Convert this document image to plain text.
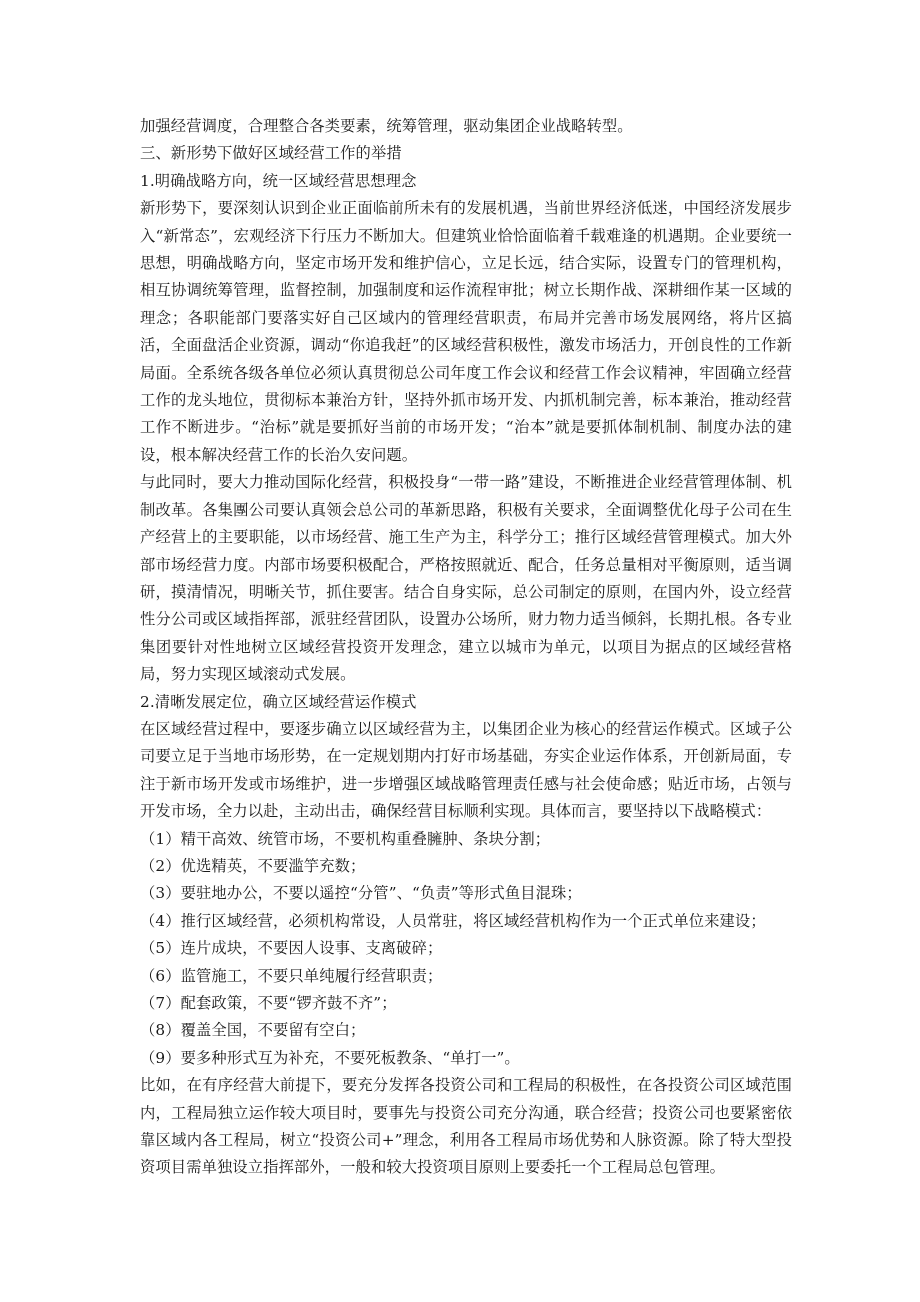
加强经营调度，合理整合各类要素，统筹管理，驱动集团企业战略转型。

三、新形势下做好区域经营工作的举措

1.明确战略方向，统一区域经营思想理念

新形势下，要深刻认识到企业正面临前所未有的发展机遇，当前世界经济低迷，中国经济发展步入“新常态”，宏观经济下行压力不断加大。但建筑业恰恰面临着千载难逢的机遇期。企业要统一思想，明确战略方向，坚定市场开发和维护信心，立足长远，结合实际，设置专门的管理机构，相互协调统筹管理，监督控制，加强制度和运作流程审批；树立长期作战、深耕细作某一区域的理念；各职能部门要落实好自己区域内的管理经营职责，布局并完善市场发展网络，将片区搞活，全面盘活企业资源，调动“你追我赶”的区域经营积极性，激发市场活力，开创良性的工作新局面。全系统各级各单位必须认真贯彻总公司年度工作会议和经营工作会议精神，牢固确立经营工作的龙头地位，贯彻标本兼治方针，坚持外抓市场开发、内抓机制完善，标本兼治，推动经营工作不断进步。“治标”就是要抓好当前的市场开发；“治本”就是要抓体制机制、制度办法的建设，根本解决经营工作的长治久安问题。

与此同时，要大力推动国际化经营，积极投身“一带一路”建设，不断推进企业经营管理体制、机制改革。各集團公司要认真领会总公司的革新思路，积极有关要求，全面调整优化母子公司在生产经营上的主要职能，以市场经营、施工生产为主，科学分工；推行区域经营管理模式。加大外部市场经营力度。内部市场要积极配合，严格按照就近、配合，任务总量相对平衡原则，适当调研，摸清情况，明晰关节，抓住要害。结合自身实际，总公司制定的原则，在国内外，设立经营性分公司或区域指挥部，派驻经营团队，设置办公场所，财力物力适当倾斜，长期扎根。各专业集团要针对性地树立区域经营投资开发理念，建立以城市为单元，以项目为据点的区域经营格局，努力实现区域滚动式发展。

2.清晰发展定位，确立区域经营运作模式

在区域经营过程中，要逐步确立以区域经营为主，以集团企业为核心的经营运作模式。区域子公司要立足于当地市场形势，在一定规划期内打好市场基础，夯实企业运作体系，开创新局面，专注于新市场开发或市场维护，进一步增强区域战略管理责任感与社会使命感；贴近市场，占领与开发市场，全力以赴，主动出击，确保经营目标顺利实现。具体而言，要坚持以下战略模式：

（1）精干高效、统管市场，不要机构重叠臃肿、条块分割；

（2）优选精英，不要滥竽充数；

（3）要驻地办公，不要以遥控“分管”、“负责”等形式鱼目混珠；

（4）推行区域经营，必须机构常设，人员常驻，将区域经营机构作为一个正式单位来建设；

（5）连片成块，不要因人设事、支离破碎；

（6）监管施工，不要只单纯履行经营职责；

（7）配套政策，不要“锣齐鼓不齐”；

（8）覆盖全国，不要留有空白；

（9）要多种形式互为补充，不要死板教条、“单打一”。

比如，在有序经营大前提下，要充分发挥各投资公司和工程局的积极性，在各投资公司区域范围内，工程局独立运作较大项目时，要事先与投资公司充分沟通，联合经营；投资公司也要紧密依靠区域内各工程局，树立“投资公司+”理念，利用各工程局市场优势和人脉资源。除了特大型投资项目需单独设立指挥部外，一般和较大投资项目原则上要委托一个工程局总包管理。
